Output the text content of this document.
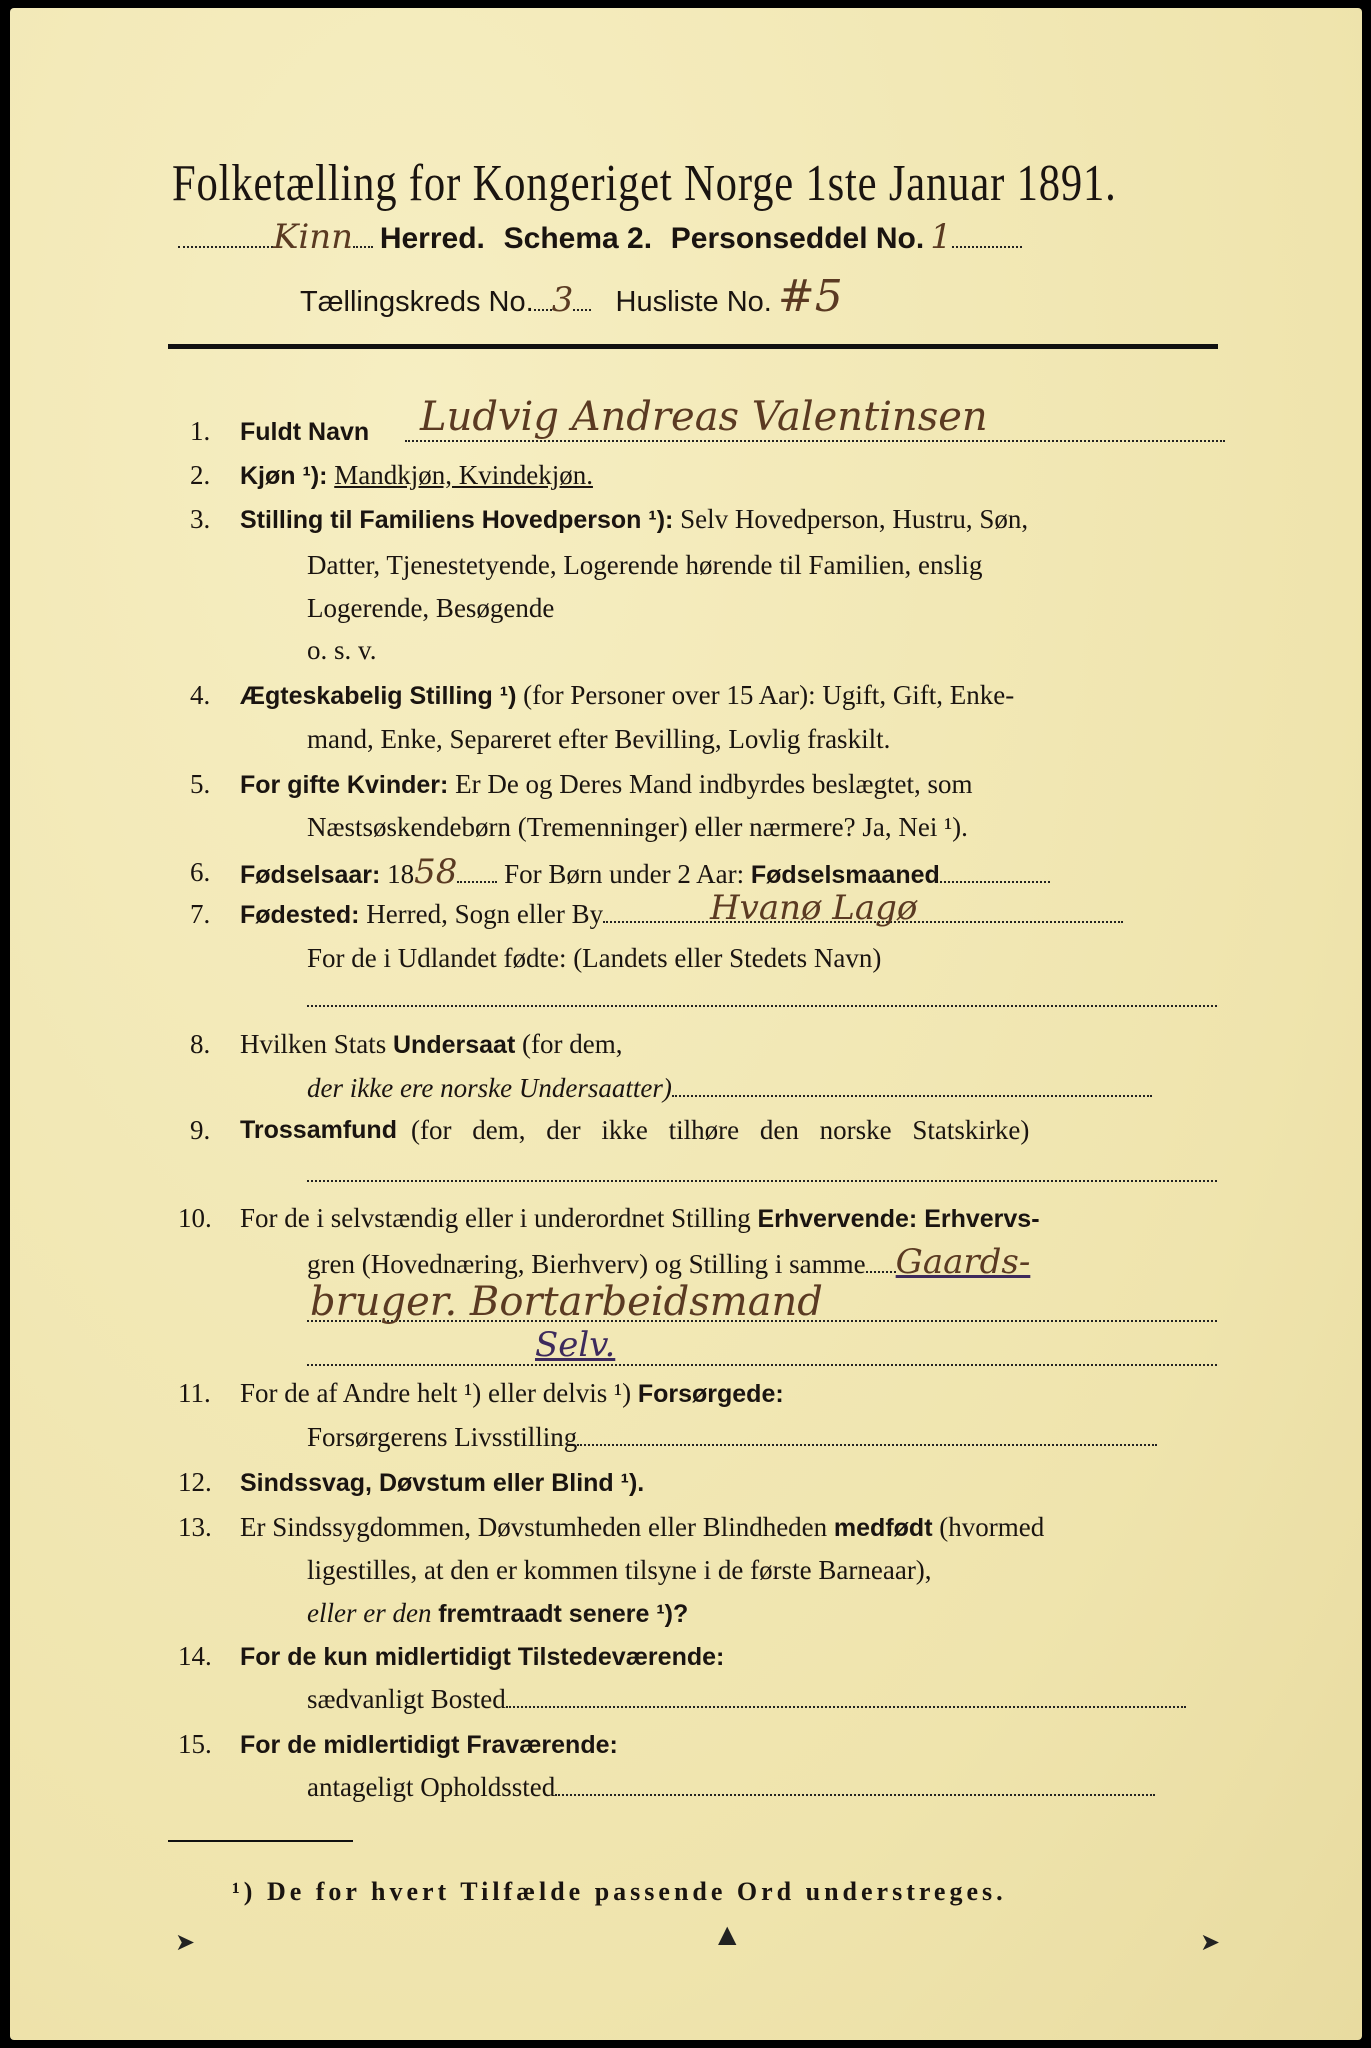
Folketælling for Kongeriget Norge 1ste Januar 1891.
Kinn Herred. Schema 2. Personseddel No. 1
Tællingskreds No. 3 Husliste No. #5
1. Fuldt Navn Ludvig Andreas Valentinsen
2. Kjøn ¹): Mandkjøn, Kvindekjøn.
3. Stilling til Familiens Hovedperson ¹): Selv Hovedperson, Hustru, Søn,
Datter, Tjenestetyende, Logerende hørende til Familien, enslig
Logerende, Besøgende
o. s. v.
4. Ægteskabelig Stilling ¹) (for Personer over 15 Aar): Ugift, Gift, Enke-
mand, Enke, Separeret efter Bevilling, Lovlig fraskilt.
5. For gifte Kvinder: Er De og Deres Mand indbyrdes beslægtet, som
Næstsøskendebørn (Tremenninger) eller nærmere? Ja, Nei ¹).
6. Fødselsaar: 1858 For Børn under 2 Aar: Fødselsmaaned
7. Fødested: Herred, Sogn eller By	Hvanø Lagø
For de i Udlandet fødte: (Landets eller Stedets Navn)
8. Hvilken Stats Undersaat (for dem,
der ikke ere norske Undersaatter)
9. Trossamfund (for dem, der ikke tilhøre den norske Statskirke)
10. For de i selvstændig eller i underordnet Stilling Erhvervende: Erhvervs-
gren (Hovednæring, Bierhverv) og Stilling i samme Gaards-
bruger. Bortarbeidsmand
Selv.
11. For de af Andre helt ¹) eller delvis ¹) Forsørgede:
Forsørgerens Livsstilling
12. Sindssvag, Døvstum eller Blind ¹).
13. Er Sindssygdommen, Døvstumheden eller Blindheden medfødt (hvormed
ligestilles, at den er kommen tilsyne i de første Barneaar),
eller er den fremtraadt senere ¹)?
14. For de kun midlertidigt Tilstedeværende:
sædvanligt Bosted
15. For de midlertidigt Fraværende:
antageligt Opholdssted
¹) De for hvert Tilfælde passende Ord understreges.
➤	▲	➤
